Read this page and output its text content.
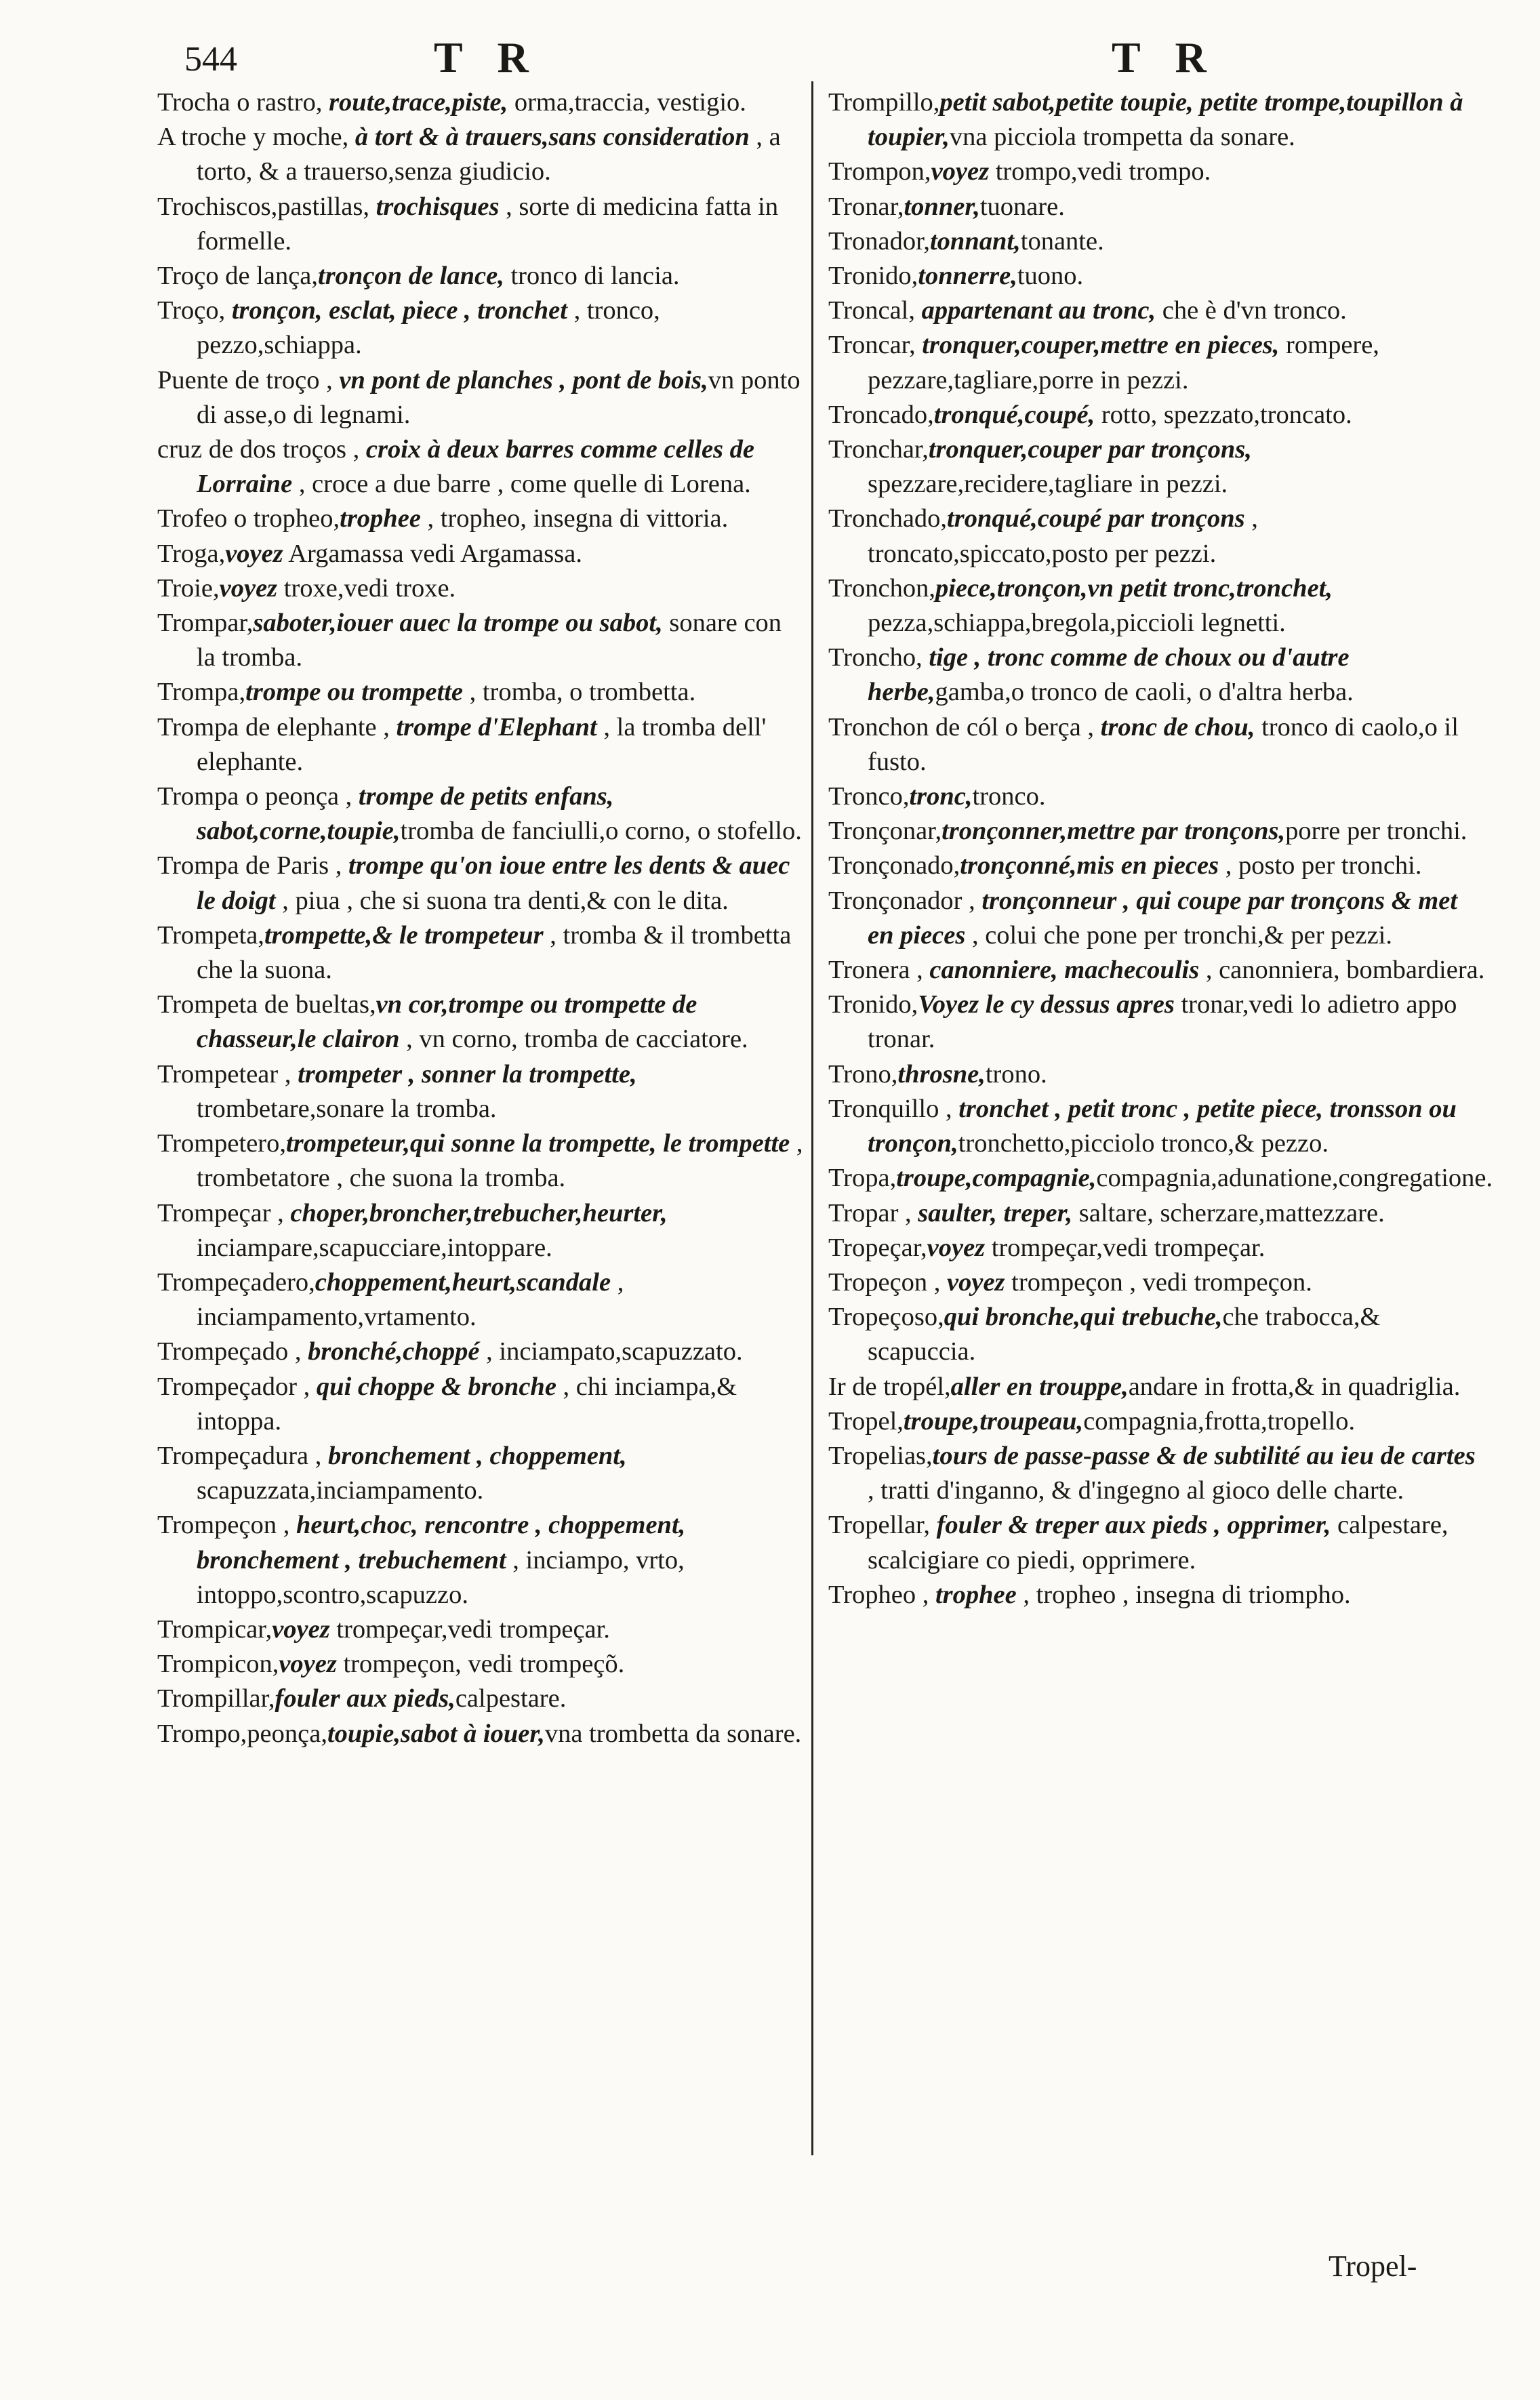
544	T R	T R

Trocha o rastro, route,trace,piste, orma,traccia, vestigio.

A troche y moche, à tort & à trauers,sans consideration , a torto, & a trauerso,senza giudicio.

Trochiscos,pastillas, trochisques , sorte di medicina fatta in formelle.

Troço de lança,tronçon de lance, tronco di lancia.

Troço, tronçon, esclat, piece , tronchet , tronco, pezzo,schiappa.

Puente de troço , vn pont de planches , pont de bois,vn ponto di asse,o di legnami.

cruz de dos troços , croix à deux barres comme celles de Lorraine , croce a due barre , come quelle di Lorena.

Trofeo o tropheo,trophee , tropheo, insegna di vittoria.

Troga,voyez Argamassa vedi Argamassa.

Troie,voyez troxe,vedi troxe.

Trompar,saboter,iouer auec la trompe ou sabot, sonare con la tromba.

Trompa,trompe ou trompette , tromba, o trombetta.

Trompa de elephante , trompe d'Elephant , la tromba dell' elephante.

Trompa o peonça , trompe de petits enfans, sabot,corne,toupie,tromba de fanciulli,o corno, o stofello.

Trompa de Paris , trompe qu'on ioue entre les dents & auec le doigt , piua , che si suona tra denti,& con le dita.

Trompeta,trompette,& le trompeteur , tromba & il trombetta che la suona.

Trompeta de bueltas,vn cor,trompe ou trompette de chasseur,le clairon , vn corno, tromba de cacciatore.

Trompetear , trompeter , sonner la trompette, trombetare,sonare la tromba.

Trompetero,trompeteur,qui sonne la trompette, le trompette , trombetatore , che suona la tromba.

Trompeçar , choper,broncher,trebucher,heurter, inciampare,scapucciare,intoppare.

Trompeçadero,choppement,heurt,scandale , inciampamento,vrtamento.

Trompeçado , bronché,choppé , inciampato,scapuzzato.

Trompeçador , qui choppe & bronche , chi inciampa,& intoppa.

Trompeçadura , bronchement , choppement, scapuzzata,inciampamento.

Trompeçon , heurt,choc, rencontre , choppement, bronchement , trebuchement , inciampo, vrto, intoppo,scontro,scapuzzo.

Trompicar,voyez trompeçar,vedi trompeçar.

Trompicon,voyez trompeçon, vedi trompeçõ.

Trompillar,fouler aux pieds,calpestare.

Trompo,peonça,toupie,sabot à iouer,vna trombetta da sonare.

Trompillo,petit sabot,petite toupie, petite trompe,toupillon à toupier,vna picciola trompetta da sonare.

Trompon,voyez trompo,vedi trompo.

Tronar,tonner,tuonare.

Tronador,tonnant,tonante.

Tronido,tonnerre,tuono.

Troncal, appartenant au tronc, che è d'vn tronco.

Troncar, tronquer,couper,mettre en pieces, rompere, pezzare,tagliare,porre in pezzi.

Troncado,tronqué,coupé, rotto, spezzato,troncato.

Tronchar,tronquer,couper par tronçons, spezzare,recidere,tagliare in pezzi.

Tronchado,tronqué,coupé par tronçons , troncato,spiccato,posto per pezzi.

Tronchon,piece,tronçon,vn petit tronc,tronchet, pezza,schiappa,bregola,piccioli legnetti.

Troncho, tige , tronc comme de choux ou d'autre herbe,gamba,o tronco de caoli, o d'altra herba.

Tronchon de cól o berça , tronc de chou, tronco di caolo,o il fusto.

Tronco,tronc,tronco.

Tronçonar,tronçonner,mettre par tronçons,porre per tronchi.

Tronçonado,tronçonné,mis en pieces , posto per tronchi.

Tronçonador , tronçonneur , qui coupe par tronçons & met en pieces , colui che pone per tronchi,& per pezzi.

Tronera , canonniere, machecoulis , canonniera, bombardiera.

Tronido,Voyez le cy dessus apres tronar,vedi lo adietro appo tronar.

Trono,throsne,trono.

Tronquillo , tronchet , petit tronc , petite piece, tronsson ou tronçon,tronchetto,picciolo tronco,& pezzo.

Tropa,troupe,compagnie,compagnia,adunatione,congregatione.

Tropar , saulter, treper, saltare, scherzare,mattezzare.

Tropeçar,voyez trompeçar,vedi trompeçar.

Tropeçon , voyez trompeçon , vedi trompeçon.

Tropeçoso,qui bronche,qui trebuche,che trabocca,& scapuccia.

Ir de tropél,aller en trouppe,andare in frotta,& in quadriglia.

Tropel,troupe,troupeau,compagnia,frotta,tropello.

Tropelias,tours de passe-passe & de subtilité au ieu de cartes , tratti d'inganno, & d'ingegno al gioco delle charte.

Tropellar, fouler & treper aux pieds , opprimer, calpestare, scalcigiare co piedi, opprimere.

Tropheo , trophee , tropheo , insegna di triompho.

Tropel-
